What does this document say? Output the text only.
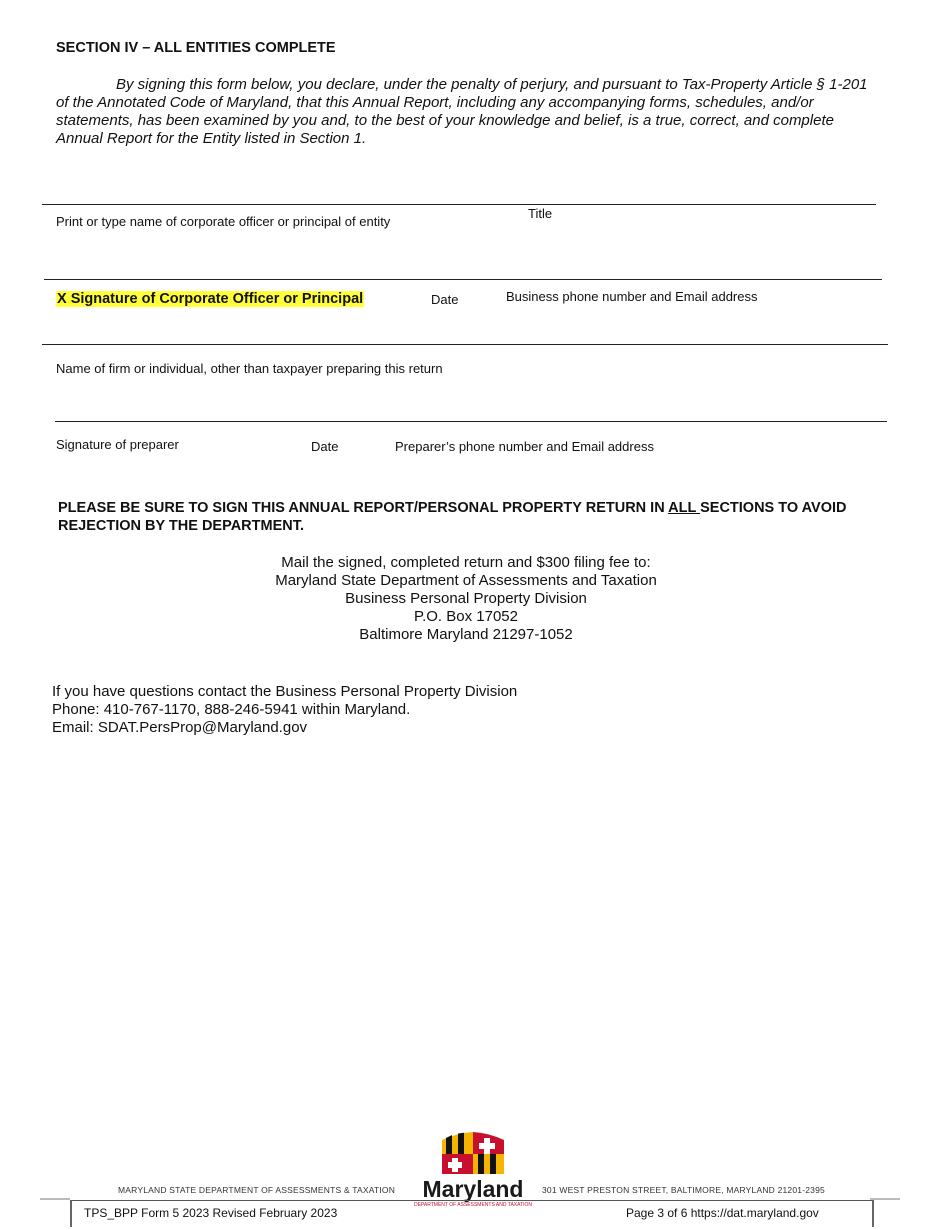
SECTION IV – ALL ENTITIES COMPLETE

By signing this form below, you declare, under the penalty of perjury, and pursuant to Tax-Property Article § 1-201 of the Annotated Code of Maryland, that this Annual Report, including any accompanying forms, schedules, and/or statements, has been examined by you and, to the best of your knowledge and belief, is a true, correct, and complete Annual Report for the Entity listed in Section 1.

Print or type name of corporate officer or principal of entity
Title
X Signature of Corporate Officer or Principal	Date	Business phone number and Email address
Name of firm or individual, other than taxpayer preparing this return
Signature of preparer	Date	Preparer’s phone number and Email address

PLEASE BE SURE TO SIGN THIS ANNUAL REPORT/PERSONAL PROPERTY RETURN IN ALL SECTIONS TO AVOID REJECTION BY THE DEPARTMENT.

Mail the signed, completed return and $300 filing fee to:
Maryland State Department of Assessments and Taxation
Business Personal Property Division
P.O. Box 17052
Baltimore Maryland 21297-1052
If you have questions contact the Business Personal Property Division
Phone: 410-767-1170, 888-246-5941 within Maryland.
Email: SDAT.PersProp@Maryland.gov
MARYLAND STATE DEPARTMENT OF ASSESSMENTS & TAXATION	Maryland
DEPARTMENT OF ASSESSMENTS AND TAXATION
301 WEST PRESTON STREET, BALTIMORE, MARYLAND 21201-2395
TPS_BPP Form 5 2023 Revised February 2023	Page 3 of 6 https://dat.maryland.gov
